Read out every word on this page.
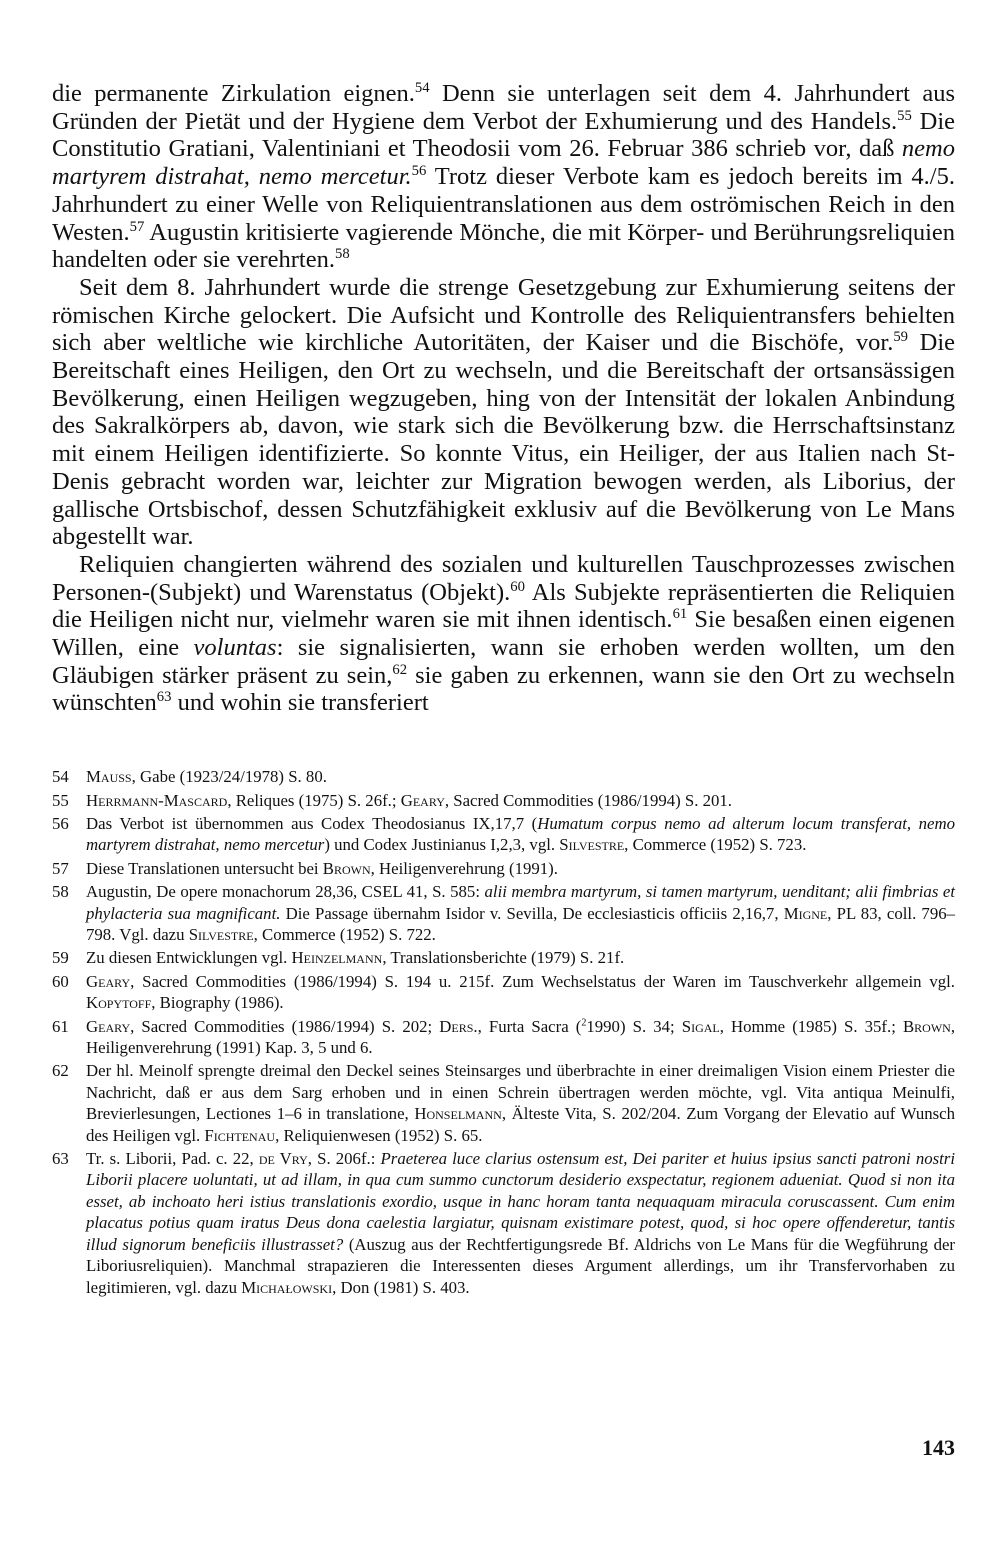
die permanente Zirkulation eignen.$^{54}$ Denn sie unterlagen seit dem 4. Jahrhundert aus Gründen der Pietät und der Hygiene dem Verbot der Exhumierung und des Handels.$^{55}$ Die Constitutio Gratiani, Valentiniani et Theodosii vom 26. Februar 386 schrieb vor, daß nemo martyrem distrahat, nemo mercetur.$^{56}$ Trotz dieser Verbote kam es jedoch bereits im 4./5. Jahrhundert zu einer Welle von Reliquientranslationen aus dem oströmischen Reich in den Westen.$^{57}$ Augustin kritisierte vagierende Mönche, die mit Körper- und Berührungsreliquien handelten oder sie verehrten.$^{58}$

Seit dem 8. Jahrhundert wurde die strenge Gesetzgebung zur Exhumierung seitens der römischen Kirche gelockert. Die Aufsicht und Kontrolle des Reliquientransfers behielten sich aber weltliche wie kirchliche Autoritäten, der Kaiser und die Bischöfe, vor.$^{59}$ Die Bereitschaft eines Heiligen, den Ort zu wechseln, und die Bereitschaft der ortsansässigen Bevölkerung, einen Heiligen wegzugeben, hing von der Intensität der lokalen Anbindung des Sakralkörpers ab, davon, wie stark sich die Bevölkerung bzw. die Herrschaftsinstanz mit einem Heiligen identifizierte. So konnte Vitus, ein Heiliger, der aus Italien nach St-Denis gebracht worden war, leichter zur Migration bewogen werden, als Liborius, der gallische Ortsbischof, dessen Schutzfähigkeit exklusiv auf die Bevölkerung von Le Mans abgestellt war.

Reliquien changierten während des sozialen und kulturellen Tauschprozesses zwischen Personen-(Subjekt) und Warenstatus (Objekt).$^{60}$ Als Subjekte repräsentierten die Reliquien die Heiligen nicht nur, vielmehr waren sie mit ihnen identisch.$^{61}$ Sie besaßen einen eigenen Willen, eine voluntas: sie signalisierten, wann sie erhoben werden wollten, um den Gläubigen stärker präsent zu sein,$^{62}$ sie gaben zu erkennen, wann sie den Ort zu wechseln wünschten$^{63}$ und wohin sie transferiert

54	Mauss, Gabe (1923/24/1978) S. 80.
55	Herrmann-Mascard, Reliques (1975) S. 26f.; Geary, Sacred Commodities (1986/1994) S. 201.
56	Das Verbot ist übernommen aus Codex Theodosianus IX,17,7 (Humatum corpus nemo ad alterum locum transferat, nemo martyrem distrahat, nemo mercetur) und Codex Justinianus I,2,3, vgl. Silvestre, Commerce (1952) S. 723.
57	Diese Translationen untersucht bei Brown, Heiligenverehrung (1991).
58	Augustin, De opere monachorum 28,36, CSEL 41, S. 585: alii membra martyrum, si tamen martyrum, uenditant; alii fimbrias et phylacteria sua magnificant. Die Passage übernahm Isidor v. Sevilla, De ecclesiasticis officiis 2,16,7, Migne, PL 83, coll. 796–798. Vgl. dazu Silvestre, Commerce (1952) S. 722.
59	Zu diesen Entwicklungen vgl. Heinzelmann, Translationsberichte (1979) S. 21f.
60	Geary, Sacred Commodities (1986/1994) S. 194 u. 215f. Zum Wechselstatus der Waren im Tauschverkehr allgemein vgl. Kopytoff, Biography (1986).
61	Geary, Sacred Commodities (1986/1994) S. 202; Ders., Furta Sacra ($^2$1990) S. 34; Sigal, Homme (1985) S. 35f.; Brown, Heiligenverehrung (1991) Kap. 3, 5 und 6.
62	Der hl. Meinolf sprengte dreimal den Deckel seines Steinsarges und überbrachte in einer dreimaligen Vision einem Priester die Nachricht, daß er aus dem Sarg erhoben und in einen Schrein übertragen werden möchte, vgl. Vita antiqua Meinulfi, Brevierlesungen, Lectiones 1–6 in translatione, Honselmann, Älteste Vita, S. 202/204. Zum Vorgang der Elevatio auf Wunsch des Heiligen vgl. Fichtenau, Reliquienwesen (1952) S. 65.
63	Tr. s. Liborii, Pad. c. 22, de Vry, S. 206f.: Praeterea luce clarius ostensum est, Dei pariter et huius ipsius sancti patroni nostri Liborii placere uoluntati, ut ad illam, in qua cum summo cunctorum desiderio exspectatur, regionem adueniat. Quod si non ita esset, ab inchoato heri istius translationis exordio, usque in hanc horam tanta nequaquam miracula coruscassent. Cum enim placatus potius quam iratus Deus dona caelestia largiatur, quisnam existimare potest, quod, si hoc opere offenderetur, tantis illud signorum beneficiis illustrasset? (Auszug aus der Rechtfertigungsrede Bf. Aldrichs von Le Mans für die Wegführung der Liboriusreliquien). Manchmal strapazieren die Interessenten dieses Argument allerdings, um ihr Transfervorhaben zu legitimieren, vgl. dazu Michałowski, Don (1981) S. 403.
143
